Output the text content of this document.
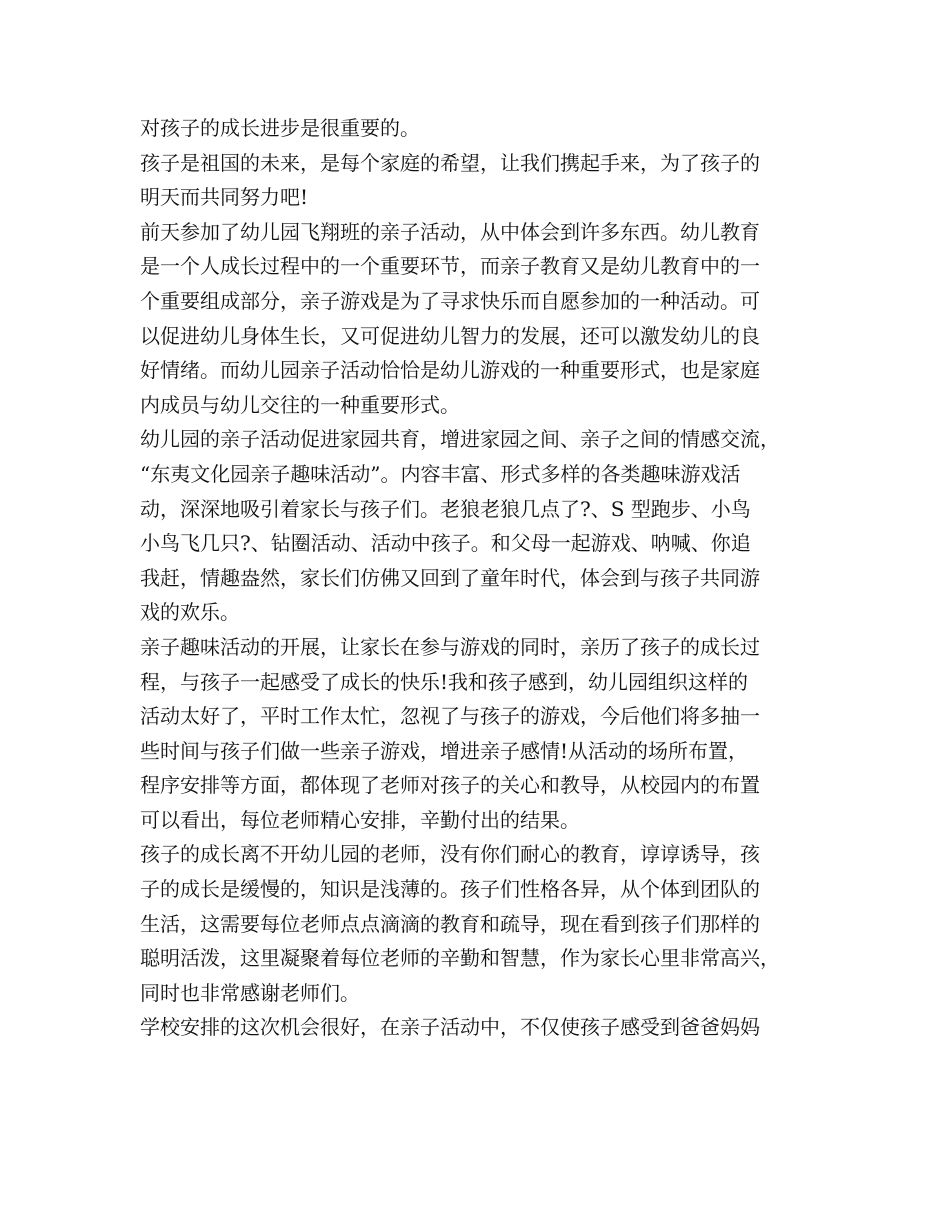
对孩子的成长进步是很重要的。
孩子是祖国的未来，是每个家庭的希望，让我们携起手来，为了孩子的
明天而共同努力吧!
前天参加了幼儿园飞翔班的亲子活动，从中体会到许多东西。幼儿教育
是一个人成长过程中的一个重要环节，而亲子教育又是幼儿教育中的一
个重要组成部分，亲子游戏是为了寻求快乐而自愿参加的一种活动。可
以促进幼儿身体生长，又可促进幼儿智力的发展，还可以激发幼儿的良
好情绪。而幼儿园亲子活动恰恰是幼儿游戏的一种重要形式，也是家庭
内成员与幼儿交往的一种重要形式。
幼儿园的亲子活动促进家园共育，增进家园之间、亲子之间的情感交流，
“东夷文化园亲子趣味活动”。内容丰富、形式多样的各类趣味游戏活
动，深深地吸引着家长与孩子们。老狼老狼几点了?、S 型跑步、小鸟
小鸟飞几只?、钻圈活动、活动中孩子。和父母一起游戏、呐喊、你追
我赶，情趣盎然，家长们仿佛又回到了童年时代，体会到与孩子共同游
戏的欢乐。
亲子趣味活动的开展，让家长在参与游戏的同时，亲历了孩子的成长过
程，与孩子一起感受了成长的快乐!我和孩子感到，幼儿园组织这样的
活动太好了，平时工作太忙，忽视了与孩子的游戏，今后他们将多抽一
些时间与孩子们做一些亲子游戏，增进亲子感情!从活动的场所布置，
程序安排等方面，都体现了老师对孩子的关心和教导，从校园内的布置
可以看出，每位老师精心安排，辛勤付出的结果。
孩子的成长离不开幼儿园的老师，没有你们耐心的教育，谆谆诱导，孩
子的成长是缓慢的，知识是浅薄的。孩子们性格各异，从个体到团队的
生活，这需要每位老师点点滴滴的教育和疏导，现在看到孩子们那样的
聪明活泼，这里凝聚着每位老师的辛勤和智慧，作为家长心里非常高兴，
同时也非常感谢老师们。
学校安排的这次机会很好，在亲子活动中，不仅使孩子感受到爸爸妈妈
